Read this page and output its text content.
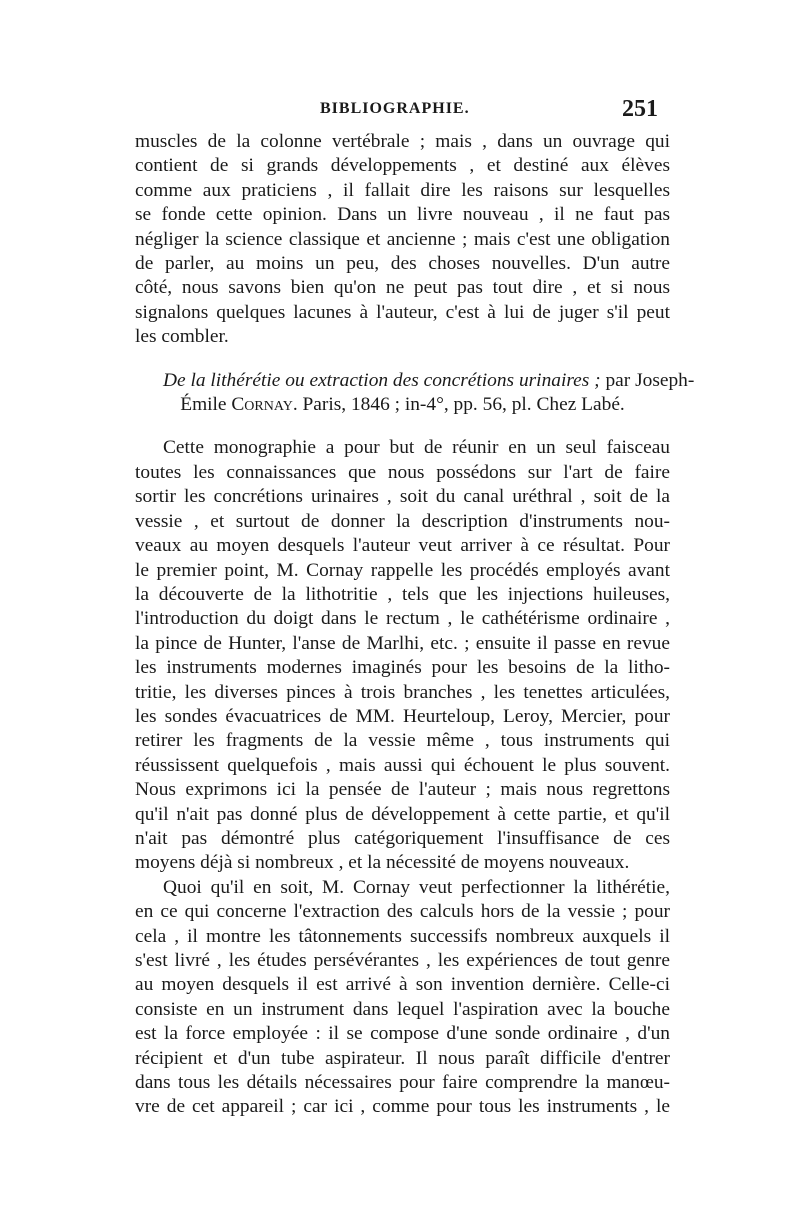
BIBLIOGRAPHIE.	251
muscles de la colonne vertébrale ; mais , dans un ouvrage qui
contient de si grands développements , et destiné aux élèves
comme aux praticiens , il fallait dire les raisons sur lesquelles
se fonde cette opinion. Dans un livre nouveau , il ne faut pas
négliger la science classique et ancienne ; mais c'est une obligation
de parler, au moins un peu, des choses nouvelles. D'un autre
côté, nous savons bien qu'on ne peut pas tout dire , et si nous
signalons quelques lacunes à l'auteur, c'est à lui de juger s'il peut
les combler.
De la lithérétie ou extraction des concrétions urinaires ; par Joseph-
Émile Cornay. Paris, 1846 ; in-4°, pp. 56, pl. Chez Labé.
Cette monographie a pour but de réunir en un seul faisceau
toutes les connaissances que nous possédons sur l'art de faire
sortir les concrétions urinaires , soit du canal uréthral , soit de la
vessie , et surtout de donner la description d'instruments nou-
veaux au moyen desquels l'auteur veut arriver à ce résultat. Pour
le premier point, M. Cornay rappelle les procédés employés avant
la découverte de la lithotritie , tels que les injections huileuses,
l'introduction du doigt dans le rectum , le cathétérisme ordinaire ,
la pince de Hunter, l'anse de Marlhi, etc. ; ensuite il passe en revue
les instruments modernes imaginés pour les besoins de la litho-
tritie, les diverses pinces à trois branches , les tenettes articulées,
les sondes évacuatrices de MM. Heurteloup, Leroy, Mercier, pour
retirer les fragments de la vessie même , tous instruments qui
réussissent quelquefois , mais aussi qui échouent le plus souvent.
Nous exprimons ici la pensée de l'auteur ; mais nous regrettons
qu'il n'ait pas donné plus de développement à cette partie, et qu'il
n'ait pas démontré plus catégoriquement l'insuffisance de ces
moyens déjà si nombreux , et la nécessité de moyens nouveaux.
Quoi qu'il en soit, M. Cornay veut perfectionner la lithérétie,
en ce qui concerne l'extraction des calculs hors de la vessie ; pour
cela , il montre les tâtonnements successifs nombreux auxquels il
s'est livré , les études persévérantes , les expériences de tout genre
au moyen desquels il est arrivé à son invention dernière. Celle-ci
consiste en un instrument dans lequel l'aspiration avec la bouche
est la force employée : il se compose d'une sonde ordinaire , d'un
récipient et d'un tube aspirateur. Il nous paraît difficile d'entrer
dans tous les détails nécessaires pour faire comprendre la manœu-
vre de cet appareil ; car ici , comme pour tous les instruments , le
